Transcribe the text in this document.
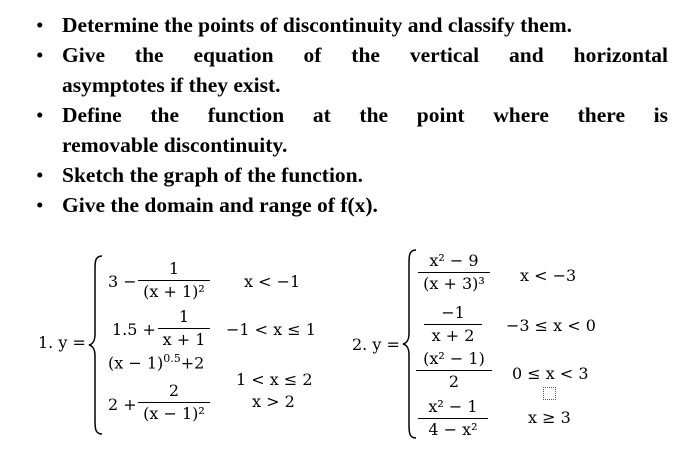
• Determine the points of discontinuity and classify them.
• Give the equation of the vertical and horizontal
asymptotes if they exist.
• Define the function at the point where there is
removable discontinuity.
• Sketch the graph of the function.
• Give the domain and range of f(x).
1. y =
3 −
1
(x + 1)²
x < −1
1.5 +
1
x + 1
−1 < x ≤ 1
$(x - 1)^{0.5}+2$
1 < x ≤ 2
2 +
2
(x − 1)²
x > 2
2. y =
x² − 9
(x + 3)³	x < −3
−1
x + 2
−3 ≤ x < 0
(x² − 1)
2	0 ≤ x < 3
x² − 1
4 − x²
x ≥ 3
